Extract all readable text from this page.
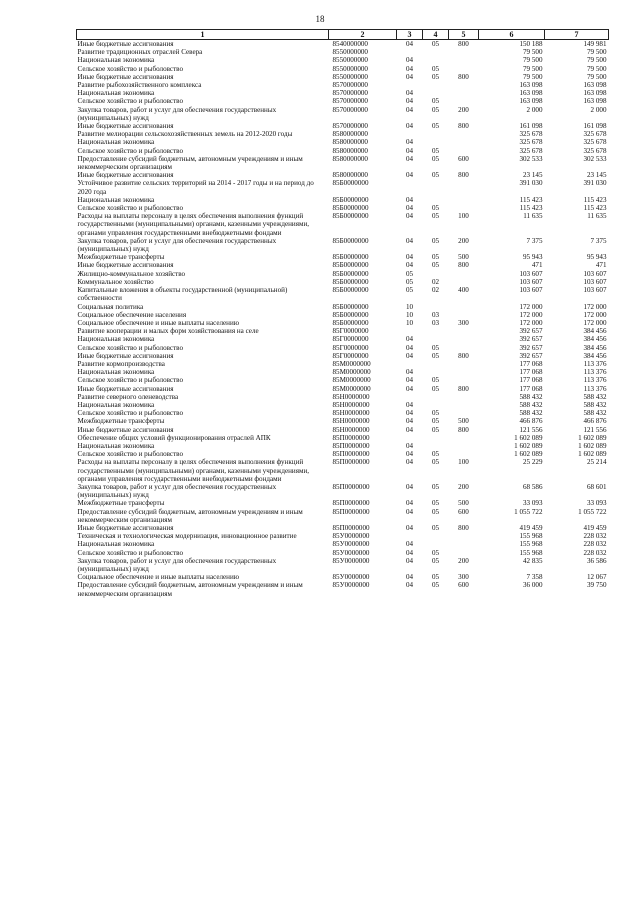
18
1	2	3	4	5	6	7
Иные бюджетные ассигнования	8540000000	04	05	800	150 188	149 981
Развитие традиционных отраслей Севера	8550000000				79 500	79 500
Национальная экономика	8550000000	04			79 500	79 500
Сельское хозяйство и рыболовство	8550000000	04	05		79 500	79 500
Иные бюджетные ассигнования	8550000000	04	05	800	79 500	79 500
Развитие рыбохозяйственного комплекса	8570000000				163 098	163 098
Национальная экономика	8570000000	04			163 098	163 098
Сельское хозяйство и рыболовство	8570000000	04	05		163 098	163 098
Закупка товаров, работ и услуг для обеспечения государственных (муниципальных) нужд	8570000000	04	05	200	2 000	2 000
Иные бюджетные ассигнования	8570000000	04	05	800	161 098	161 098
Развитие мелиорации сельскохозяйственных земель на 2012-2020 годы	8580000000				325 678	325 678
Национальная экономика	8580000000	04			325 678	325 678
Сельское хозяйство и рыболовство	8580000000	04	05		325 678	325 678
Предоставление субсидий бюджетным, автономным учреждениям и иным некоммерческим организациям	8580000000	04	05	600	302 533	302 533
Иные бюджетные ассигнования	8580000000	04	05	800	23 145	23 145
Устойчивое развитие сельских территорий на 2014 - 2017 годы и на период до 2020 года	85Б0000000				391 030	391 030
Национальная экономика	85Б0000000	04			115 423	115 423
Сельское хозяйство и рыболовство	85Б0000000	04	05		115 423	115 423
Расходы на выплаты персоналу в целях обеспечения выполнения функций государственными (муниципальными) органами, казенными учреждениями, органами управления государственными внебюджетными фондами	85Б0000000	04	05	100	11 635	11 635
Закупка товаров, работ и услуг для обеспечения государственных (муниципальных) нужд	85Б0000000	04	05	200	7 375	7 375
Межбюджетные трансферты	85Б0000000	04	05	500	95 943	95 943
Иные бюджетные ассигнования	85Б0000000	04	05	800	471	471
Жилищно-коммунальное хозяйство	85Б0000000	05			103 607	103 607
Коммунальное хозяйство	85Б0000000	05	02		103 607	103 607
Капитальные вложения в объекты государственной (муниципальной) собственности	85Б0000000	05	02	400	103 607	103 607
Социальная политика	85Б0000000	10			172 000	172 000
Социальное обеспечение населения	85Б0000000	10	03		172 000	172 000
Социальное обеспечение и иные выплаты населению	85Б0000000	10	03	300	172 000	172 000
Развитие кооперации и малых форм хозяйствования на селе	85Г0000000				392 657	384 456
Национальная экономика	85Г0000000	04			392 657	384 456
Сельское хозяйство и рыболовство	85Г0000000	04	05		392 657	384 456
Иные бюджетные ассигнования	85Г0000000	04	05	800	392 657	384 456
Развитие кормопроизводства	85М0000000				177 068	113 376
Национальная экономика	85М0000000	04			177 068	113 376
Сельское хозяйство и рыболовство	85М0000000	04	05		177 068	113 376
Иные бюджетные ассигнования	85М0000000	04	05	800	177 068	113 376
Развитие северного оленеводства	85Н0000000				588 432	588 432
Национальная экономика	85Н0000000	04			588 432	588 432
Сельское хозяйство и рыболовство	85Н0000000	04	05		588 432	588 432
Межбюджетные трансферты	85Н0000000	04	05	500	466 876	466 876
Иные бюджетные ассигнования	85Н0000000	04	05	800	121 556	121 556
Обеспечение общих условий функционирования отраслей АПК	85П0000000				1 602 089	1 602 089
Национальная экономика	85П0000000	04			1 602 089	1 602 089
Сельское хозяйство и рыболовство	85П0000000	04	05		1 602 089	1 602 089
Расходы на выплаты персоналу в целях обеспечения выполнения функций государственными (муниципальными) органами, казенными учреждениями, органами управления государственными внебюджетными фондами	85П0000000	04	05	100	25 229	25 214
Закупка товаров, работ и услуг для обеспечения государственных (муниципальных) нужд	85П0000000	04	05	200	68 586	68 601
Межбюджетные трансферты	85П0000000	04	05	500	33 093	33 093
Предоставление субсидий бюджетным, автономным учреждениям и иным некоммерческим организациям	85П0000000	04	05	600	1 055 722	1 055 722
Иные бюджетные ассигнования	85П0000000	04	05	800	419 459	419 459
Техническая и технологическая модернизация, инновационное развитие	85У0000000				155 968	228 032
Национальная экономика	85У0000000	04			155 968	228 032
Сельское хозяйство и рыболовство	85У0000000	04	05		155 968	228 032
Закупка товаров, работ и услуг для обеспечения государственных (муниципальных) нужд	85У0000000	04	05	200	42 835	36 586
Социальное обеспечение и иные выплаты населению	85У0000000	04	05	300	7 358	12 067
Предоставление субсидий бюджетным, автономным учреждениям и иным некоммерческим организациям	85У0000000	04	05	600	36 000	39 750
